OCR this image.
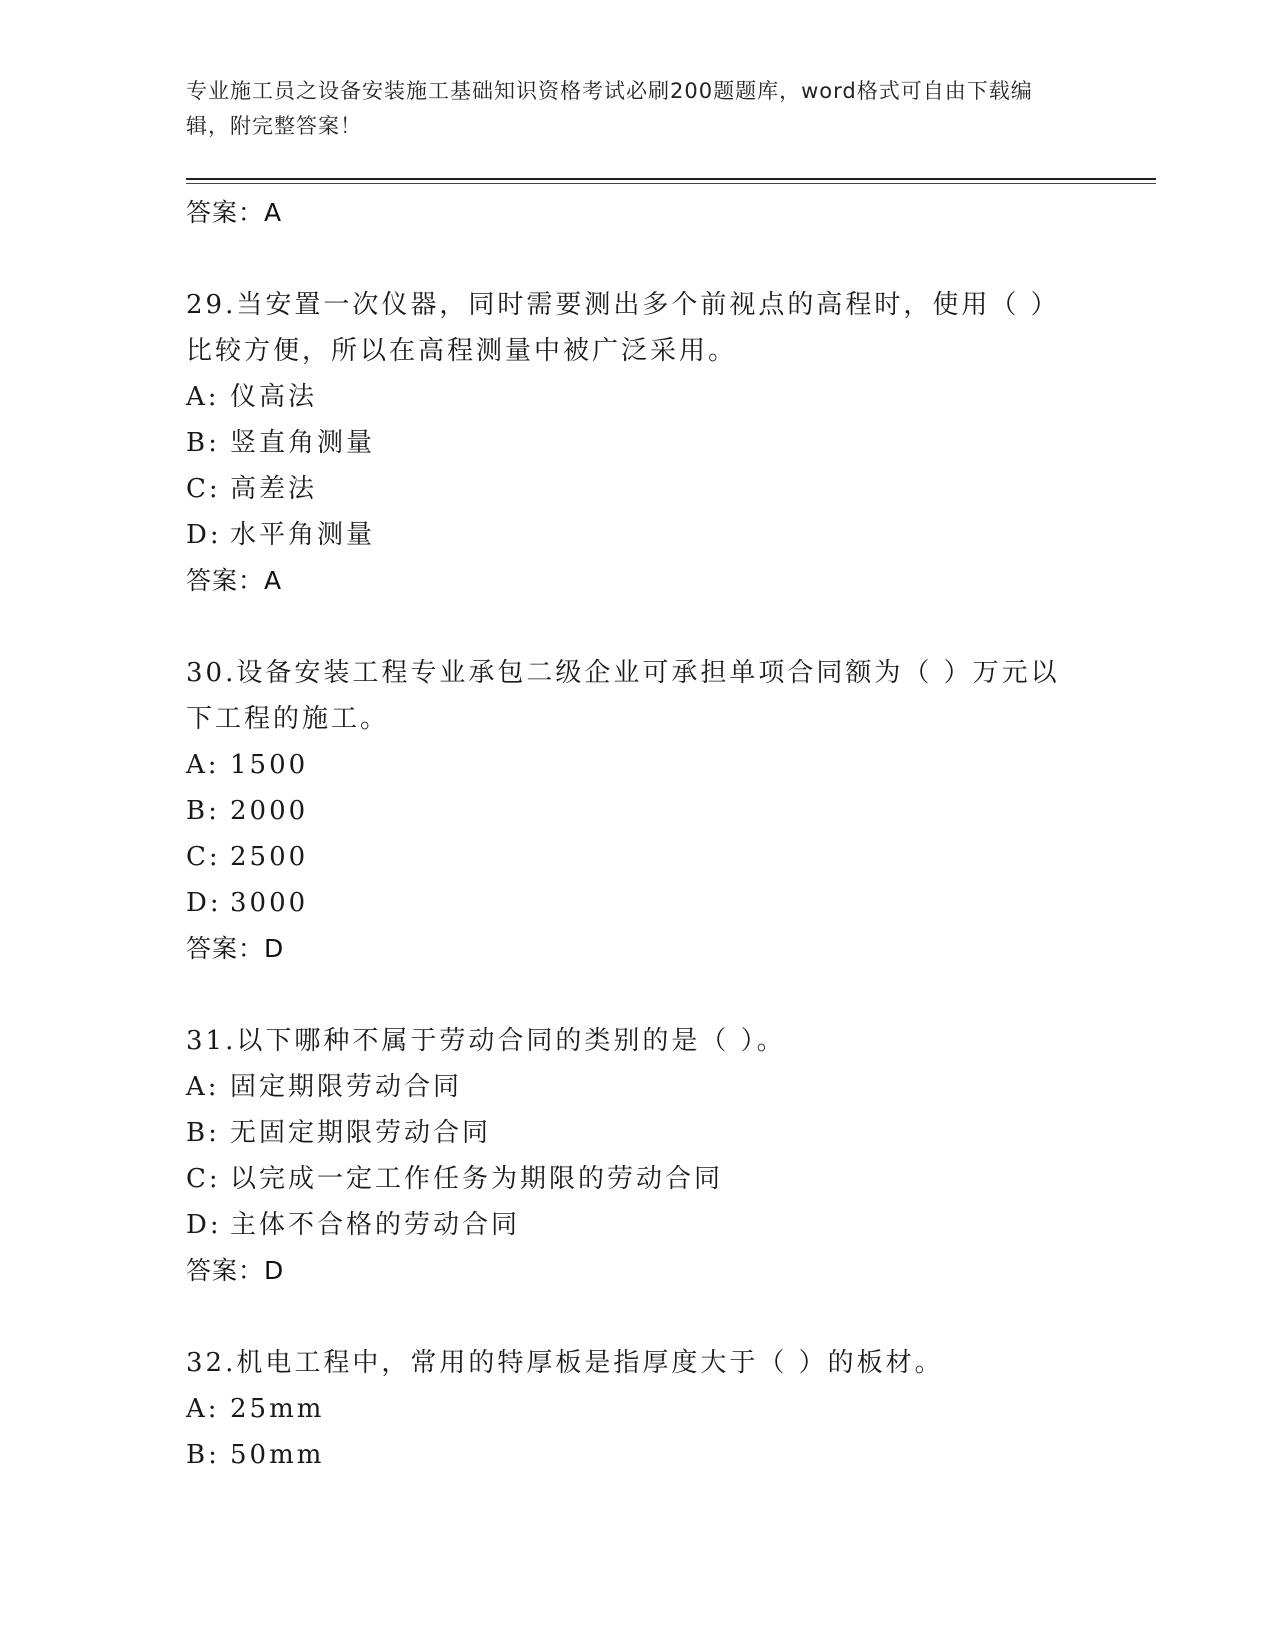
专业施工员之设备安装施工基础知识资格考试必刷200题题库，word格式可自由下载编辑，附完整答案！
答案：A
29.当安置一次仪器，同时需要测出多个前视点的高程时，使用（ ）比较方便，所以在高程测量中被广泛采用。
A: 仪高法
B: 竖直角测量
C: 高差法
D: 水平角测量
答案：A
30.设备安装工程专业承包二级企业可承担单项合同额为（ ）万元以下工程的施工。
A: 1500
B: 2000
C: 2500
D: 3000
答案：D
31.以下哪种不属于劳动合同的类别的是（ ）。
A: 固定期限劳动合同
B: 无固定期限劳动合同
C: 以完成一定工作任务为期限的劳动合同
D: 主体不合格的劳动合同
答案：D
32.机电工程中，常用的特厚板是指厚度大于（ ）的板材。
A: 25mm
B: 50mm
